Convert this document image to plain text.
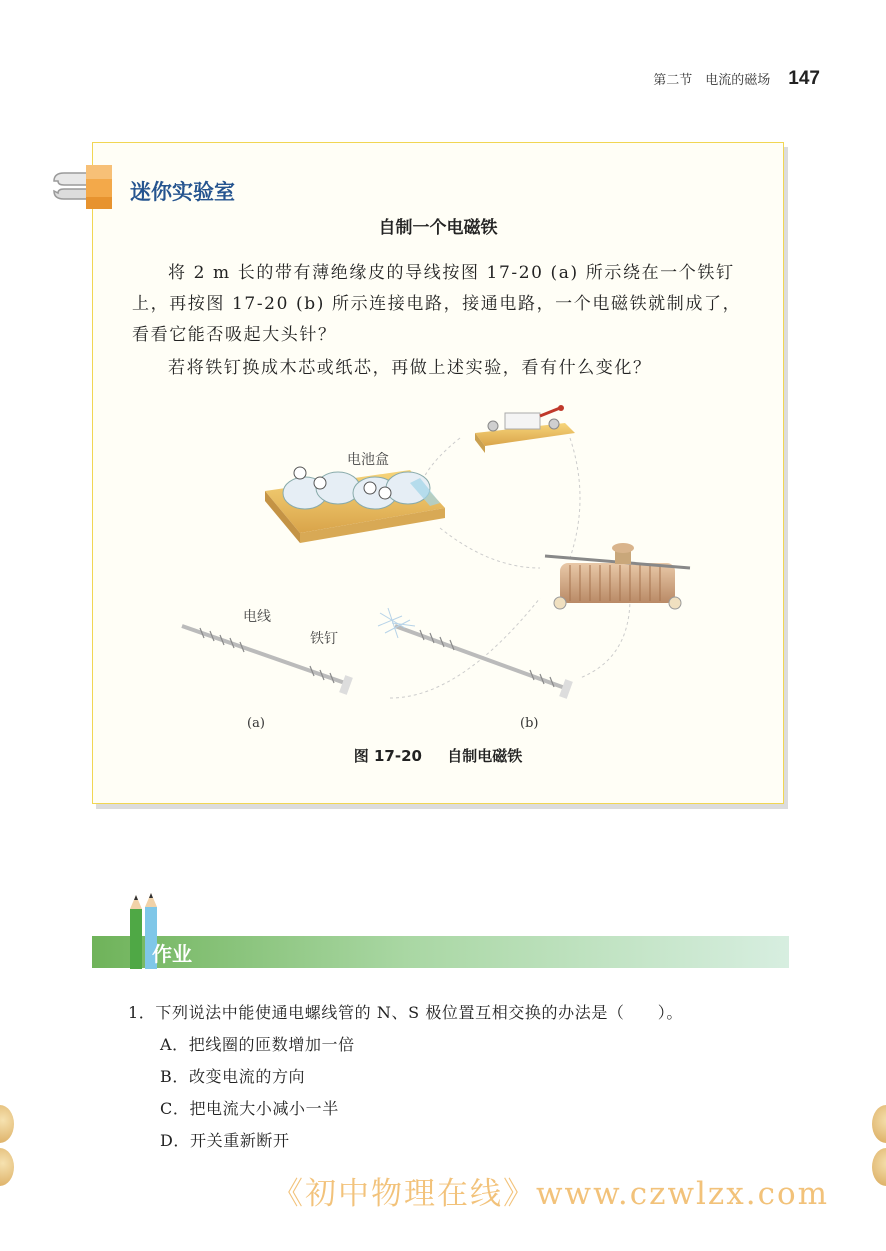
第二节　电流的磁场 147
迷你实验室
自制一个电磁铁

将 2 m 长的带有薄绝缘皮的导线按图 17-20 (a) 所示绕在一个铁钉上，再按图 17-20 (b) 所示连接电路，接通电路，一个电磁铁就制成了，看看它能否吸起大头针？

若将铁钉换成木芯或纸芯，再做上述实验，看有什么变化？

电池盒
电线
铁钉
(a)	(b)
图 17-20 自制电磁铁
作业
1．下列说法中能使通电螺线管的 N、S 极位置互相交换的办法是（　　）。
A．把线圈的匝数增加一倍
B．改变电流的方向
C．把电流大小减小一半
D．开关重新断开
《初中物理在线》www.czwlzx.com
